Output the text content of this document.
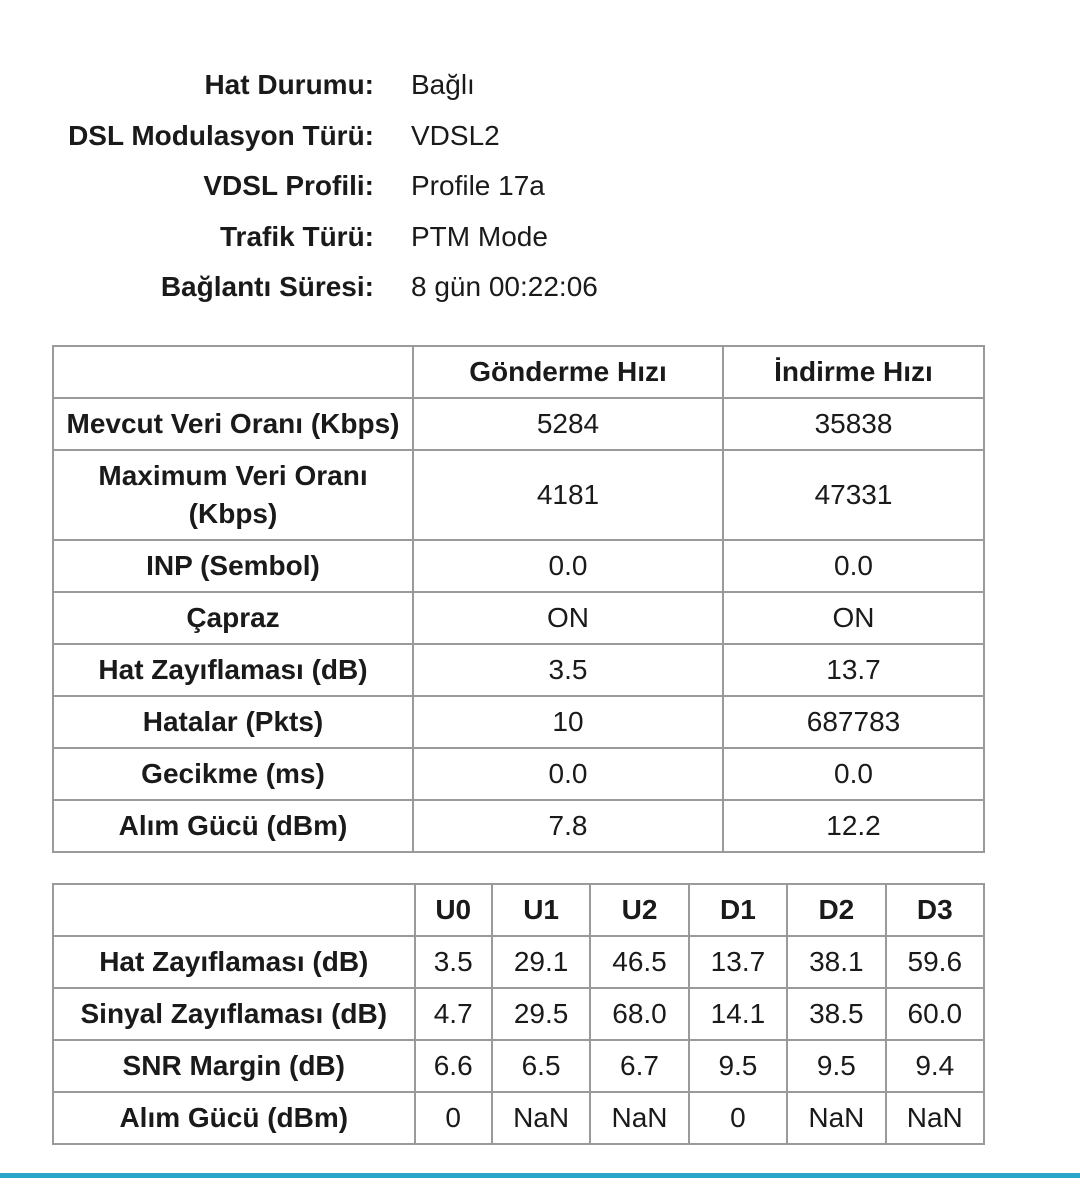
Hat Durumu: Bağlı
DSL Modulasyon Türü: VDSL2
VDSL Profili: Profile 17a
Trafik Türü: PTM Mode
Bağlantı Süresi: 8 gün 00:22:06
	Gönderme Hızı	İndirme Hızı
Mevcut Veri Oranı (Kbps)	5284	35838
Maximum Veri Oranı (Kbps)	4181	47331
INP (Sembol)	0.0	0.0
Çapraz	ON	ON
Hat Zayıflaması (dB)	3.5	13.7
Hatalar (Pkts)	10	687783
Gecikme (ms)	0.0	0.0
Alım Gücü (dBm)	7.8	12.2
	U0	U1	U2	D1	D2	D3
Hat Zayıflaması (dB)	3.5	29.1	46.5	13.7	38.1	59.6
Sinyal Zayıflaması (dB)	4.7	29.5	68.0	14.1	38.5	60.0
SNR Margin (dB)	6.6	6.5	6.7	9.5	9.5	9.4
Alım Gücü (dBm)	0	NaN	NaN	0	NaN	NaN
